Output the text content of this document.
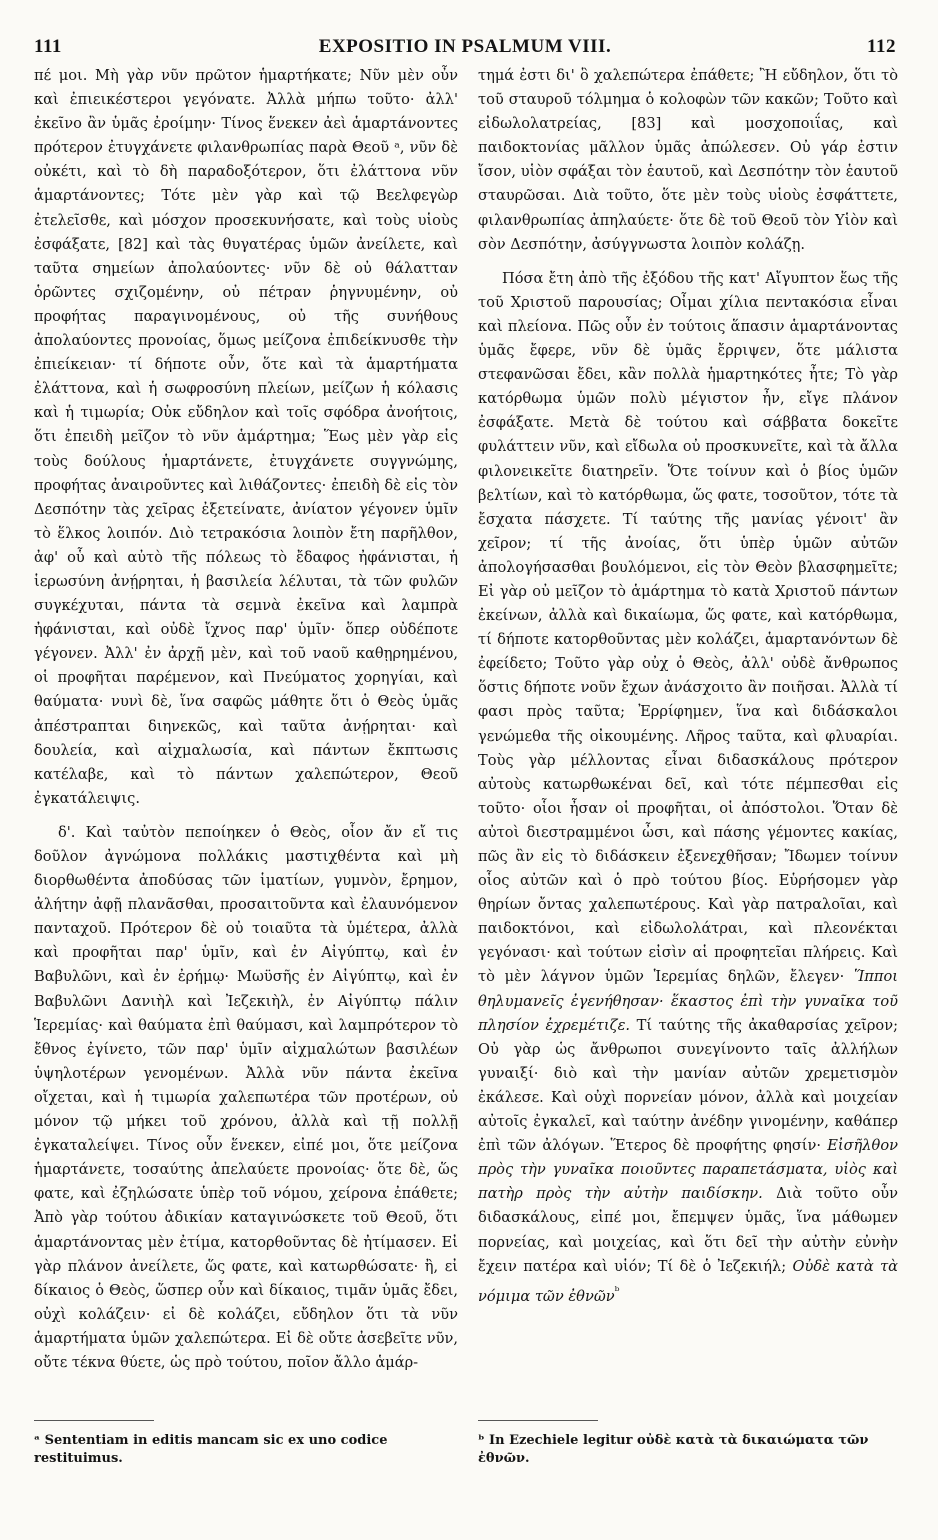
111	EXPOSITIO IN PSALMUM VIII.	112

πέ μοι. Μὴ γὰρ νῦν πρῶτον ἡμαρτήκατε; Νῦν μὲν οὖν καὶ ἐπιεικέστεροι γεγόνατε. Ἀλλὰ μήπω τοῦτο· ἀλλ' ἐκεῖνο ἂν ὑμᾶς ἐροίμην· Τίνος ἕνεκεν ἀεὶ ἁμαρτάνοντες πρότερον ἐτυγχάνετε φιλανθρωπίας παρὰ Θεοῦ ᵃ, νῦν δὲ οὐκέτι, καὶ τὸ δὴ παραδοξότερον, ὅτι ἐλάττονα νῦν ἁμαρτάνοντες; Τότε μὲν γὰρ καὶ τῷ Βεελφεγὼρ ἐτελεῖσθε, καὶ μόσχον προσεκυνήσατε, καὶ τοὺς υἱοὺς ἐσφάξατε, [82] καὶ τὰς θυγατέρας ὑμῶν ἀνείλετε, καὶ ταῦτα σημείων ἀπολαύοντες· νῦν δὲ οὐ θάλατταν ὁρῶντες σχιζομένην, οὐ πέτραν ῥηγνυμένην, οὐ προφήτας παραγινομένους, οὐ τῆς συνήθους ἀπολαύοντες προνοίας, ὅμως μείζονα ἐπιδείκνυσθε τὴν ἐπιείκειαν· τί δήποτε οὖν, ὅτε καὶ τὰ ἁμαρτήματα ἐλάττονα, καὶ ἡ σωφροσύνη πλείων, μείζων ἡ κόλασις καὶ ἡ τιμωρία; Οὐκ εὔδηλον καὶ τοῖς σφόδρα ἀνοήτοις, ὅτι ἐπειδὴ μεῖζον τὸ νῦν ἁμάρτημα; Ἕως μὲν γὰρ εἰς τοὺς δούλους ἡμαρτάνετε, ἐτυγχάνετε συγγνώμης, προφήτας ἀναιροῦντες καὶ λιθάζοντες· ἐπειδὴ δὲ εἰς τὸν Δεσπότην τὰς χεῖρας ἐξετείνατε, ἀνίατον γέγονεν ὑμῖν τὸ ἕλκος λοιπόν. Διὸ τετρακόσια λοιπὸν ἔτη παρῆλθον, ἀφ' οὗ καὶ αὐτὸ τῆς πόλεως τὸ ἔδαφος ἠφάνισται, ἡ ἱερωσύνη ἀνῄρηται, ἡ βασιλεία λέλυται, τὰ τῶν φυλῶν συγκέχυται, πάντα τὰ σεμνὰ ἐκεῖνα καὶ λαμπρὰ ἠφάνισται, καὶ οὐδὲ ἴχνος παρ' ὑμῖν· ὅπερ οὐδέποτε γέγονεν. Ἀλλ' ἐν ἀρχῇ μὲν, καὶ τοῦ ναοῦ καθῃρημένου, οἱ προφῆται παρέμενον, καὶ Πνεύματος χορηγίαι, καὶ θαύματα· νυνὶ δὲ, ἵνα σαφῶς μάθητε ὅτι ὁ Θεὸς ὑμᾶς ἀπέστραπται διηνεκῶς, καὶ ταῦτα ἀνῄρηται· καὶ δουλεία, καὶ αἰχμαλωσία, καὶ πάντων ἔκπτωσις κατέλαβε, καὶ τὸ πάντων χαλεπώτερον, Θεοῦ ἐγκατάλειψις.

δ'. Καὶ ταὐτὸν πεποίηκεν ὁ Θεὸς, οἷον ἄν εἴ τις δοῦλον ἀγνώμονα πολλάκις μαστιχθέντα καὶ μὴ διορθωθέντα ἀποδύσας τῶν ἱματίων, γυμνὸν, ἔρημον, ἀλήτην ἀφῇ πλανᾶσθαι, προσαιτοῦντα καὶ ἐλαυνόμενον πανταχοῦ. Πρότερον δὲ οὐ τοιαῦτα τὰ ὑμέτερα, ἀλλὰ καὶ προφῆται παρ' ὑμῖν, καὶ ἐν Αἰγύπτῳ, καὶ ἐν Βαβυλῶνι, καὶ ἐν ἐρήμῳ· Μωϋσῆς ἐν Αἰγύπτῳ, καὶ ἐν Βαβυλῶνι Δανιὴλ καὶ Ἰεζεκιὴλ, ἐν Αἰγύπτῳ πάλιν Ἱερεμίας· καὶ θαύματα ἐπὶ θαύμασι, καὶ λαμπρότερον τὸ ἔθνος ἐγίνετο, τῶν παρ' ὑμῖν αἰχμαλώτων βασιλέων ὑψηλοτέρων γενομένων. Ἀλλὰ νῦν πάντα ἐκεῖνα οἴχεται, καὶ ἡ τιμωρία χαλεπωτέρα τῶν προτέρων, οὐ μόνον τῷ μήκει τοῦ χρόνου, ἀλλὰ καὶ τῇ πολλῇ ἐγκαταλείψει. Τίνος οὖν ἕνεκεν, εἰπέ μοι, ὅτε μείζονα ἡμαρτάνετε, τοσαύτης ἀπελαύετε προνοίας· ὅτε δὲ, ὥς φατε, καὶ ἐζηλώσατε ὑπὲρ τοῦ νόμου, χείρονα ἐπάθετε; Ἀπὸ γὰρ τούτου ἀδικίαν καταγινώσκετε τοῦ Θεοῦ, ὅτι ἁμαρτάνοντας μὲν ἐτίμα, κατορθοῦντας δὲ ἠτίμασεν. Εἰ γὰρ πλάνον ἀνείλετε, ὥς φατε, καὶ κατωρθώσατε· ἢ, εἰ δίκαιος ὁ Θεὸς, ὥσπερ οὖν καὶ δίκαιος, τιμᾶν ὑμᾶς ἔδει, οὐχὶ κολάζειν· εἰ δὲ κολάζει, εὔδηλον ὅτι τὰ νῦν ἁμαρτήματα ὑμῶν χαλεπώτερα. Εἰ δὲ οὔτε ἀσεβεῖτε νῦν, οὔτε τέκνα θύετε, ὡς πρὸ τούτου, ποῖον ἄλλο ἁμάρ-

τημά ἐστι δι' ὃ χαλεπώτερα ἐπάθετε; Ἢ εὔδηλον, ὅτι τὸ τοῦ σταυροῦ τόλμημα ὁ κολοφὼν τῶν κακῶν; Τοῦτο καὶ εἰδωλολατρείας, [83] καὶ μοσχοποιΐας, καὶ παιδοκτονίας μᾶλλον ὑμᾶς ἀπώλεσεν. Οὐ γάρ ἐστιν ἴσον, υἱὸν σφάξαι τὸν ἑαυτοῦ, καὶ Δεσπότην τὸν ἑαυτοῦ σταυρῶσαι. Διὰ τοῦτο, ὅτε μὲν τοὺς υἱοὺς ἐσφάττετε, φιλανθρωπίας ἀπηλαύετε· ὅτε δὲ τοῦ Θεοῦ τὸν Υἱὸν καὶ σὸν Δεσπότην, ἀσύγγνωστα λοιπὸν κολάζῃ.

Πόσα ἔτη ἀπὸ τῆς ἐξόδου τῆς κατ' Αἴγυπτον ἕως τῆς τοῦ Χριστοῦ παρουσίας; Οἶμαι χίλια πεντακόσια εἶναι καὶ πλείονα. Πῶς οὖν ἐν τούτοις ἅπασιν ἁμαρτάνοντας ὑμᾶς ἔφερε, νῦν δὲ ὑμᾶς ἔρριψεν, ὅτε μάλιστα στεφανῶσαι ἔδει, κἂν πολλὰ ἡμαρτηκότες ἦτε; Τὸ γὰρ κατόρθωμα ὑμῶν πολὺ μέγιστον ἦν, εἴγε πλάνον ἐσφάξατε. Μετὰ δὲ τούτου καὶ σάββατα δοκεῖτε φυλάττειν νῦν, καὶ εἴδωλα οὐ προσκυνεῖτε, καὶ τὰ ἄλλα φιλονεικεῖτε διατηρεῖν. Ὅτε τοίνυν καὶ ὁ βίος ὑμῶν βελτίων, καὶ τὸ κατόρθωμα, ὥς φατε, τοσοῦτον, τότε τὰ ἔσχατα πάσχετε. Τί ταύτης τῆς μανίας γένοιτ' ἂν χεῖρον; τί τῆς ἀνοίας, ὅτι ὑπὲρ ὑμῶν αὐτῶν ἀπολογήσασθαι βουλόμενοι, εἰς τὸν Θεὸν βλασφημεῖτε; Εἰ γὰρ οὐ μεῖζον τὸ ἁμάρτημα τὸ κατὰ Χριστοῦ πάντων ἐκείνων, ἀλλὰ καὶ δικαίωμα, ὥς φατε, καὶ κατόρθωμα, τί δήποτε κατορθοῦντας μὲν κολάζει, ἁμαρτανόντων δὲ ἐφείδετο; Τοῦτο γὰρ οὐχ ὁ Θεὸς, ἀλλ' οὐδὲ ἄνθρωπος ὅστις δήποτε νοῦν ἔχων ἀνάσχοιτο ἂν ποιῆσαι. Ἀλλὰ τί φασι πρὸς ταῦτα; Ἐρρίφημεν, ἵνα καὶ διδάσκαλοι γενώμεθα τῆς οἰκουμένης. Λῆρος ταῦτα, καὶ φλυαρίαι. Τοὺς γὰρ μέλλοντας εἶναι διδασκάλους πρότερον αὐτοὺς κατωρθωκέναι δεῖ, καὶ τότε πέμπεσθαι εἰς τοῦτο· οἷοι ἦσαν οἱ προφῆται, οἱ ἀπόστολοι. Ὅταν δὲ αὐτοὶ διεστραμμένοι ὦσι, καὶ πάσης γέμοντες κακίας, πῶς ἂν εἰς τὸ διδάσκειν ἐξενεχθῆσαν; Ἴδωμεν τοίνυν οἷος αὐτῶν καὶ ὁ πρὸ τούτου βίος. Εὑρήσομεν γὰρ θηρίων ὄντας χαλεπωτέρους. Καὶ γὰρ πατραλοῖαι, καὶ παιδοκτόνοι, καὶ εἰδωλολάτραι, καὶ πλεονέκται γεγόνασι· καὶ τούτων εἰσὶν αἱ προφητεῖαι πλήρεις. Καὶ τὸ μὲν λάγνον ὑμῶν Ἱερεμίας δηλῶν, ἔλεγεν· Ἵπποι θηλυμανεῖς ἐγενήθησαν· ἕκαστος ἐπὶ τὴν γυναῖκα τοῦ πλησίον ἐχρεμέτιζε. Τί ταύτης τῆς ἀκαθαρσίας χεῖρον; Οὐ γὰρ ὡς ἄνθρωποι συνεγίνοντο ταῖς ἀλλήλων γυναιξί· διὸ καὶ τὴν μανίαν αὐτῶν χρεμετισμὸν ἐκάλεσε. Καὶ οὐχὶ πορνείαν μόνον, ἀλλὰ καὶ μοιχείαν αὐτοῖς ἐγκαλεῖ, καὶ ταύτην ἀνέδην γινομένην, καθάπερ ἐπὶ τῶν ἀλόγων. Ἕτερος δὲ προφήτης φησίν· Εἰσῆλθον πρὸς τὴν γυναῖκα ποιοῦντες παραπετάσματα, υἱὸς καὶ πατὴρ πρὸς τὴν αὐτὴν παιδίσκην. Διὰ τοῦτο οὖν διδασκάλους, εἰπέ μοι, ἔπεμψεν ὑμᾶς, ἵνα μάθωμεν πορνείας, καὶ μοιχείας, καὶ ὅτι δεῖ τὴν αὐτὴν εὐνὴν ἔχειν πατέρα καὶ υἱόν; Τί δὲ ὁ Ἰεζεκιήλ; Οὐδὲ κατὰ τὰ νόμιμα τῶν ἐθνῶν$^ᵇ$

ᵃ Sententiam in editis mancam sic ex uno codice restituimus.
ᵇ In Ezechiele legitur οὐδὲ κατὰ τὰ δικαιώματα τῶν ἐθνῶν.
